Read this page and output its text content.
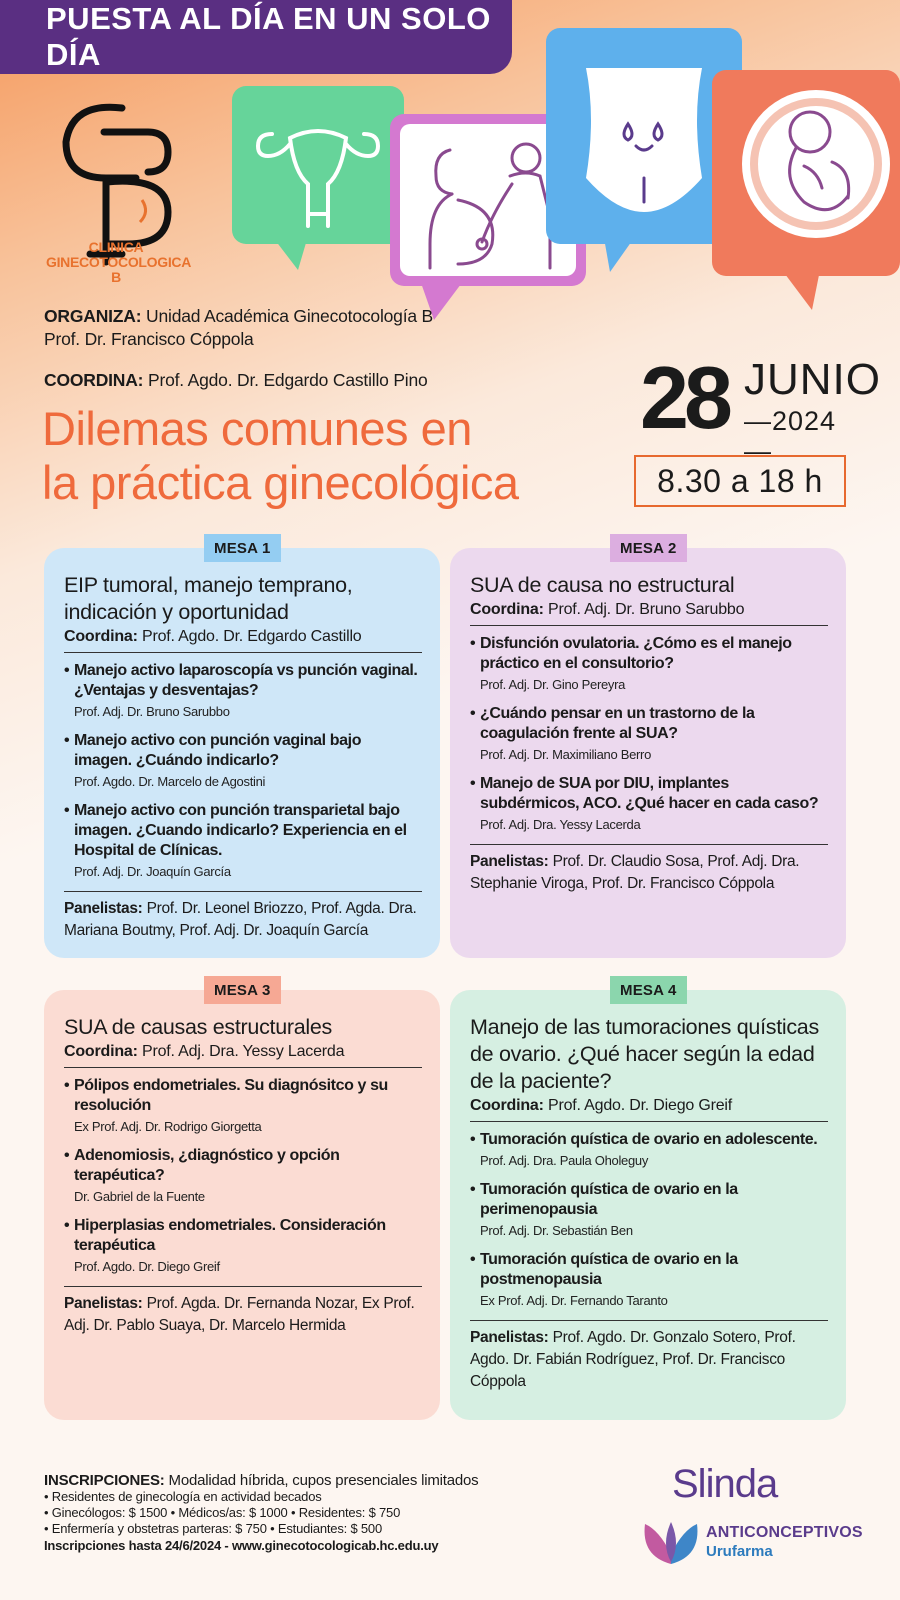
PUESTA AL DÍA EN UN SOLO DÍA
CLINICA
GINECOTOCOLOGICA
B
ORGANIZA: Unidad Académica Ginecotocología B
Prof. Dr. Francisco Cóppola
COORDINA: Prof. Agdo. Dr. Edgardo Castillo Pino
Dilemas comunes en
la práctica ginecológica
28 JUNIO
—2024—
8.30 a 18 h
MESA 1
EIP tumoral, manejo temprano, indicación y oportunidad
Coordina: Prof. Agdo. Dr. Edgardo Castillo
• Manejo activo laparoscopía vs punción vaginal. ¿Ventajas y desventajas?
Prof. Adj. Dr. Bruno Sarubbo
• Manejo activo con punción vaginal bajo imagen. ¿Cuándo indicarlo?
Prof. Agdo. Dr. Marcelo de Agostini
• Manejo activo con punción transparietal bajo imagen. ¿Cuando indicarlo? Experiencia en el Hospital de Clínicas.
Prof. Adj. Dr. Joaquín García
Panelistas: Prof. Dr. Leonel Briozzo, Prof. Agda. Dra. Mariana Boutmy, Prof. Adj. Dr. Joaquín García
MESA 2
SUA de causa no estructural
Coordina: Prof. Adj. Dr. Bruno Sarubbo
• Disfunción ovulatoria. ¿Cómo es el manejo práctico en el consultorio?
Prof. Adj. Dr. Gino Pereyra
• ¿Cuándo pensar en un trastorno de la coagulación frente al SUA?
Prof. Adj. Dr. Maximiliano Berro
• Manejo de SUA por DIU, implantes subdérmicos, ACO. ¿Qué hacer en cada caso?
Prof. Adj. Dra. Yessy Lacerda
Panelistas: Prof. Dr. Claudio Sosa, Prof. Adj. Dra. Stephanie Viroga, Prof. Dr. Francisco Cóppola
MESA 3
SUA de causas estructurales
Coordina: Prof. Adj. Dra. Yessy Lacerda
• Pólipos endometriales. Su diagnósitco y su resolución
Ex Prof. Adj. Dr. Rodrigo Giorgetta
• Adenomiosis, ¿diagnóstico y opción terapéutica?
Dr. Gabriel de la Fuente
• Hiperplasias endometriales. Consideración terapéutica
Prof. Agdo. Dr. Diego Greif
Panelistas: Prof. Agda. Dr. Fernanda Nozar, Ex Prof. Adj. Dr. Pablo Suaya, Dr. Marcelo Hermida
MESA 4
Manejo de las tumoraciones quísticas de ovario. ¿Qué hacer según la edad de la paciente?
Coordina: Prof. Agdo. Dr. Diego Greif
• Tumoración quística de ovario en adolescente.
Prof. Adj. Dra. Paula Oholeguy
• Tumoración quística de ovario en la perimenopausia
Prof. Adj. Dr. Sebastián Ben
• Tumoración quística de ovario en la postmenopausia
Ex Prof. Adj. Dr. Fernando Taranto
Panelistas: Prof. Agdo. Dr. Gonzalo Sotero, Prof. Agdo. Dr. Fabián Rodríguez, Prof. Dr. Francisco Cóppola
INSCRIPCIONES: Modalidad híbrida, cupos presenciales limitados
• Residentes de ginecología en actividad becados
• Ginecólogos: $ 1500 • Médicos/as: $ 1000 • Residentes: $ 750
• Enfermería y obstetras parteras: $ 750 • Estudiantes: $ 500
Inscripciones hasta 24/6/2024 - www.ginecotocologicab.hc.edu.uy
Slinda
ANTICONCEPTIVOS
Urufarma
